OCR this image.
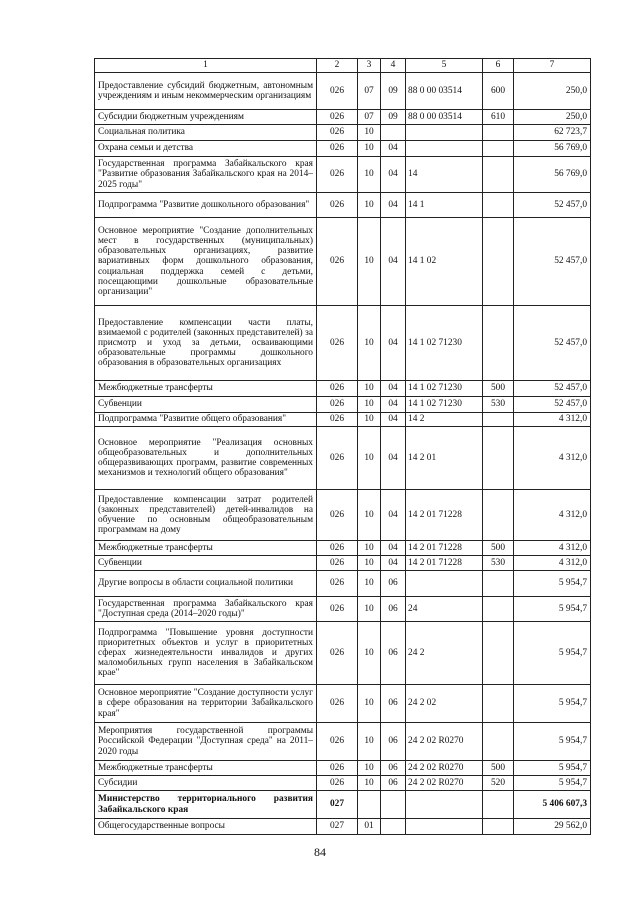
1	2	3	4	5	6	7
Предоставление субсидий бюджетным, автономным учреждениям и иным некоммерческим организациям	026	07	09	88 0 00 03514	600	250,0
Субсидии бюджетным учреждениям	026	07	09	88 0 00 03514	610	250,0
Социальная политика	026	10				62 723,7
Охрана семьи и детства	026	10	04			56 769,0
Государственная программа Забайкальского края "Развитие образования Забайкальского края на 2014–2025 годы"	026	10	04	14		56 769,0
Подпрограмма "Развитие дошкольного образования"	026	10	04	14 1		52 457,0
Основное мероприятие "Создание дополнительных мест в государственных (муниципальных) образовательных организациях, развитие вариативных форм дошкольного образования, социальная поддержка семей с детьми, посещающими дошкольные образовательные организации"	026	10	04	14 1 02		52 457,0
Предоставление компенсации части платы, взимаемой с родителей (законных представителей) за присмотр и уход за детьми, осваивающими образовательные программы дошкольного образования в образовательных организациях	026	10	04	14 1 02 71230		52 457,0
Межбюджетные трансферты	026	10	04	14 1 02 71230	500	52 457,0
Субвенции	026	10	04	14 1 02 71230	530	52 457,0
Подпрограмма "Развитие общего образования"	026	10	04	14 2		4 312,0
Основное мероприятие "Реализация основных общеобразовательных и дополнительных общеразвивающих программ, развитие современных механизмов и технологий общего образования"	026	10	04	14 2 01		4 312,0
Предоставление компенсации затрат родителей (законных представителей) детей-инвалидов на обучение по основным общеобразовательным программам на дому	026	10	04	14 2 01 71228		4 312,0
Межбюджетные трансферты	026	10	04	14 2 01 71228	500	4 312,0
Субвенции	026	10	04	14 2 01 71228	530	4 312,0
Другие вопросы в области социальной политики	026	10	06			5 954,7
Государственная программа Забайкальского края "Доступная среда (2014–2020 годы)"	026	10	06	24		5 954,7
Подпрограмма "Повышение уровня доступности приоритетных объектов и услуг в приоритетных сферах жизнедеятельности инвалидов и других маломобильных групп населения в Забайкальском крае"	026	10	06	24 2		5 954,7
Основное мероприятие "Создание доступности услуг в сфере образования на территории Забайкальского края"	026	10	06	24 2 02		5 954,7
Мероприятия государственной программы Российской Федерации "Доступная среда" на 2011–2020 годы	026	10	06	24 2 02 R0270		5 954,7
Межбюджетные трансферты	026	10	06	24 2 02 R0270	500	5 954,7
Субсидии	026	10	06	24 2 02 R0270	520	5 954,7
Министерство территориального развития Забайкальского края	027					5 406 607,3
Общегосударственные вопросы	027	01				29 562,0
84
